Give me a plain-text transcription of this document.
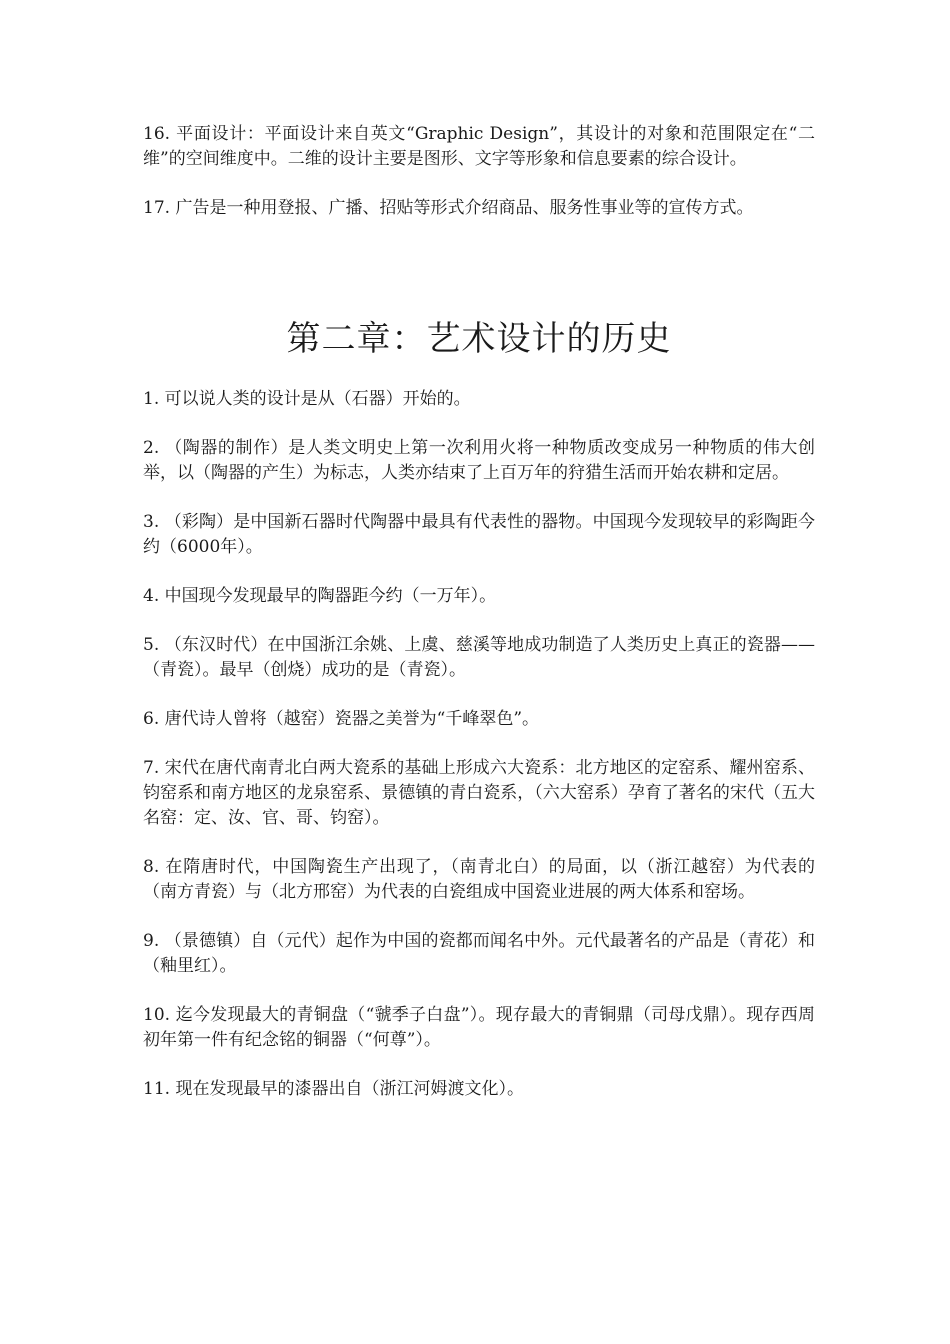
16. 平面设计：平面设计来自英文“Graphic Design”，其设计的对象和范围限定在“二维”的空间维度中。二维的设计主要是图形、文字等形象和信息要素的综合设计。

17. 广告是一种用登报、广播、招贴等形式介绍商品、服务性事业等的宣传方式。

第二章：艺术设计的历史

1. 可以说人类的设计是从（石器）开始的。

2. （陶器的制作）是人类文明史上第一次利用火将一种物质改变成另一种物质的伟大创举，以（陶器的产生）为标志，人类亦结束了上百万年的狩猎生活而开始农耕和定居。

3. （彩陶）是中国新石器时代陶器中最具有代表性的器物。中国现今发现较早的彩陶距今约（6000年）。

4. 中国现今发现最早的陶器距今约（一万年）。

5. （东汉时代）在中国浙江余姚、上虞、慈溪等地成功制造了人类历史上真正的瓷器——（青瓷）。最早（创烧）成功的是（青瓷）。

6. 唐代诗人曾将（越窑）瓷器之美誉为“千峰翠色”。

7. 宋代在唐代南青北白两大瓷系的基础上形成六大瓷系：北方地区的定窑系、耀州窑系、钧窑系和南方地区的龙泉窑系、景德镇的青白瓷系，（六大窑系）孕育了著名的宋代（五大名窑：定、汝、官、哥、钧窑）。

8. 在隋唐时代，中国陶瓷生产出现了，（南青北白）的局面，以（浙江越窑）为代表的（南方青瓷）与（北方邢窑）为代表的白瓷组成中国瓷业进展的两大体系和窑场。

9. （景德镇）自（元代）起作为中国的瓷都而闻名中外。元代最著名的产品是（青花）和（釉里红）。

10. 迄今发现最大的青铜盘（“虢季子白盘”）。现存最大的青铜鼎（司母戊鼎）。现存西周初年第一件有纪念铭的铜器（“何尊”）。

11. 现在发现最早的漆器出自（浙江河姆渡文化）。
